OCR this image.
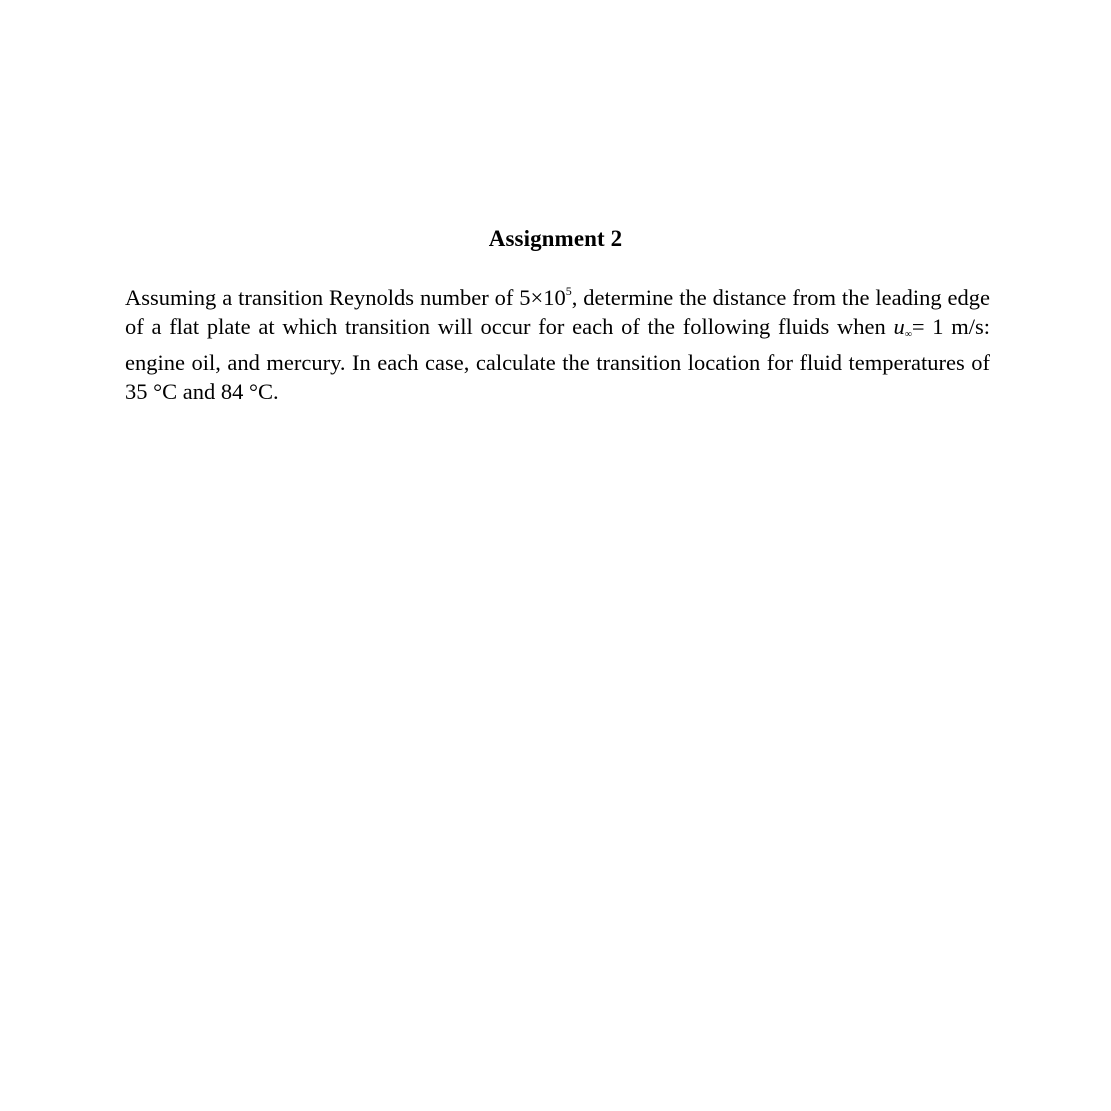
Assignment 2

Assuming a transition Reynolds number of $5\times 10^5$, determine the distance from the leading edge of a flat plate at which transition will occur for each of the following fluids when u∞= 1 m/s: engine oil, and mercury. In each case, calculate the transition location for fluid temperatures of 35 °C and 84 °C.
